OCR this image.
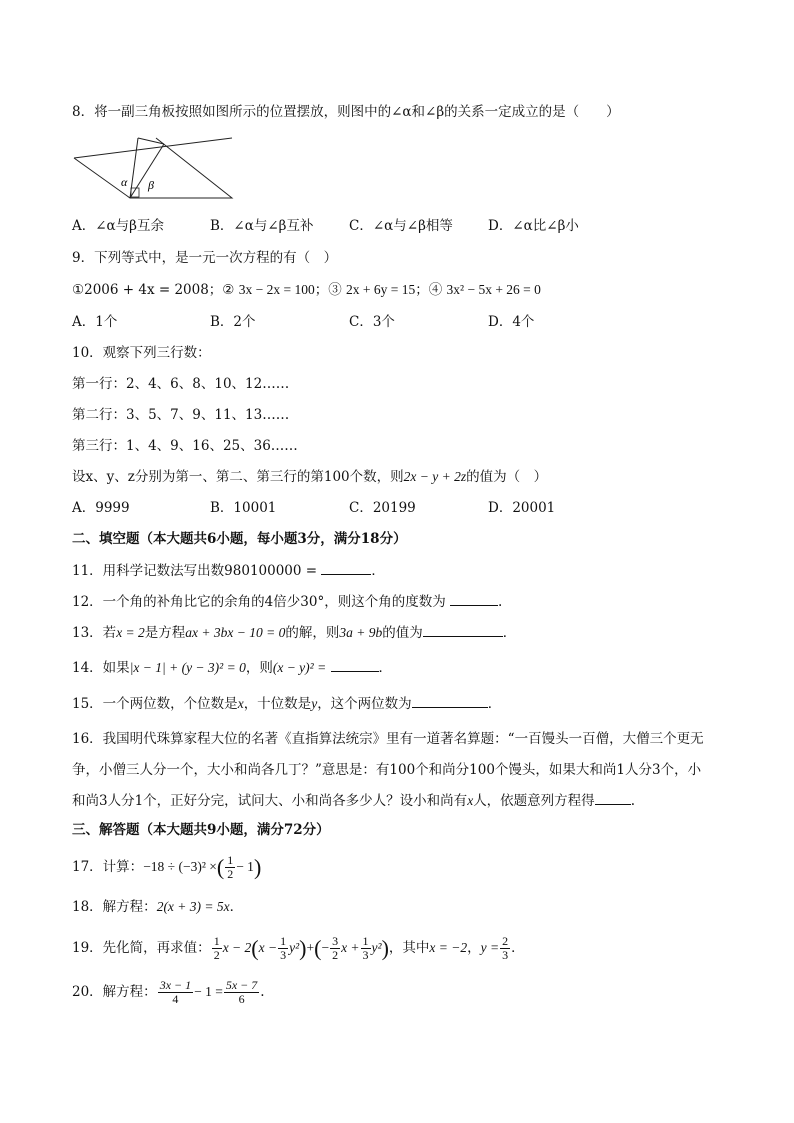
8．将一副三角板按照如图所示的位置摆放，则图中的∠α和∠β的关系一定成立的是（　　）
α β
A．∠α与β互余	B．∠α与∠β互补	C．∠α与∠β相等	D．∠α比∠β小
9．下列等式中，是一元一次方程的有（　）
①2006 + 4x = 2008；② 3x − 2x = 100；③ 2x + 6y = 15；④ 3x² − 5x + 26 = 0
A．1个	B．2个	C．3个	D．4个
10．观察下列三行数：
第一行：2、4、6、8、10、12……
第二行：3、5、7、9、11、13……
第三行：1、4、9、16、25、36……
设x、y、z分别为第一、第二、第三行的第100个数，则2x − y + 2z的值为（　）
A．9999	B．10001	C．20199	D．20001
二、填空题（本大题共6小题，每小题3分，满分18分）
11．用科学记数法写出数980100000 =	．
12．一个角的补角比它的余角的4倍少30°，则这个角的度数为	.
13．若x = 2是方程ax + 3bx − 10 = 0的解，则3a + 9b的值为	．
14．如果|x − 1| + (y − 3)² = 0，则(x − y)² =	．
15．一个两位数，个位数是x，十位数是y，这个两位数为	．
16．我国明代珠算家程大位的名著《直指算法统宗》里有一道著名算题：“一百馒头一百僧，大僧三个更无
争，小僧三人分一个，大小和尚各几丁？”意思是：有100个和尚分100个馒头，如果大和尚1人分3个，小
和尚3人分1个，正好分完，试问大、小和尚各多少人？设小和尚有x人，依题意列方程得	.
三、解答题（本大题共9小题，满分72分）
17．计算：−18 ÷ (−3)² ×( $\frac{1}{2} - 1$)
18．解方程：2(x + 3) = 5x．
19．先化简，再求值： $\frac{1}{2}$ $x - 2(x - \frac{1}{3} y^2)+(- \frac{3}{2}$ $x + \frac{1}{3} y^2$)，其中x = −2，$y = \frac{2}{3}$ ．
20．解方程： $\frac{3x - 1}{4} - 1 = \frac{5x - 7}{6}$ .
